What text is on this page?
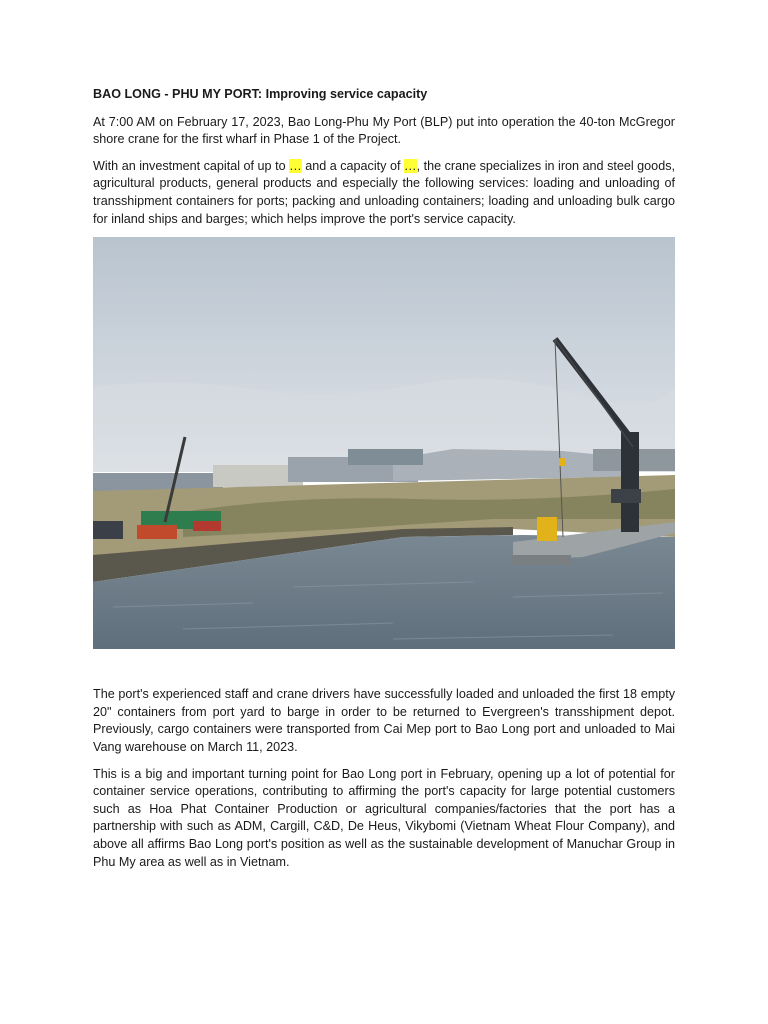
BAO LONG - PHU MY PORT: Improving service capacity

At 7:00 AM on February 17, 2023, Bao Long-Phu My Port (BLP) put into operation the 40-ton McGregor shore crane for the first wharf in Phase 1 of the Project.

With an investment capital of up to … and a capacity of …, the crane specializes in iron and steel goods, agricultural products, general products and especially the following services: loading and unloading of transshipment containers for ports; packing and unloading containers; loading and unloading bulk cargo for inland ships and barges; which helps improve the port's service capacity.

The port's experienced staff and crane drivers have successfully loaded and unloaded the first 18 empty 20" containers from port yard to barge in order to be returned to Evergreen's transshipment depot. Previously, cargo containers were transported from Cai Mep port to Bao Long port and unloaded to Mai Vang warehouse on March 11, 2023.

This is a big and important turning point for Bao Long port in February, opening up a lot of potential for container service operations, contributing to affirming the port's capacity for large potential customers such as Hoa Phat Container Production or agricultural companies/factories that the port has a partnership with such as ADM, Cargill, C&D, De Heus, Vikybomi (Vietnam Wheat Flour Company), and above all affirms Bao Long port's position as well as the sustainable development of Manuchar Group in Phu My area as well as in Vietnam.
